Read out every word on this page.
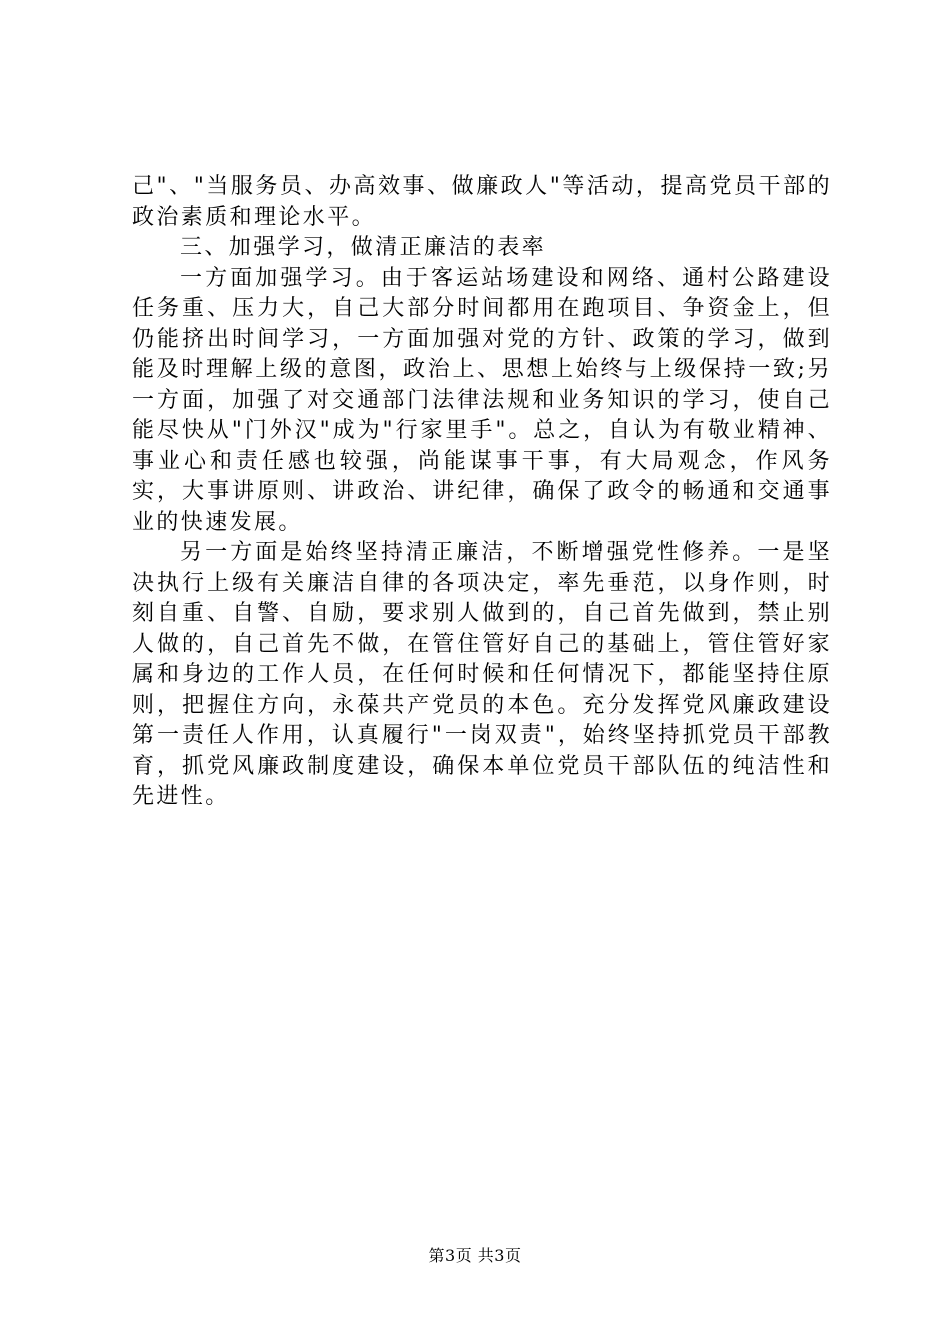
己"、"当服务员、办高效事、做廉政人"等活动，提高党员干部的政治素质和理论水平。

三、加强学习，做清正廉洁的表率

一方面加强学习。由于客运站场建设和网络、通村公路建设任务重、压力大，自己大部分时间都用在跑项目、争资金上，但仍能挤出时间学习，一方面加强对党的方针、政策的学习，做到能及时理解上级的意图，政治上、思想上始终与上级保持一致;另一方面，加强了对交通部门法律法规和业务知识的学习，使自己能尽快从"门外汉"成为"行家里手"。总之，自认为有敬业精神、事业心和责任感也较强，尚能谋事干事，有大局观念，作风务实，大事讲原则、讲政治、讲纪律，确保了政令的畅通和交通事业的快速发展。

另一方面是始终坚持清正廉洁，不断增强党性修养。一是坚决执行上级有关廉洁自律的各项决定，率先垂范，以身作则，时刻自重、自警、自励，要求别人做到的，自己首先做到，禁止别人做的，自己首先不做，在管住管好自己的基础上，管住管好家属和身边的工作人员，在任何时候和任何情况下，都能坚持住原则，把握住方向，永葆共产党员的本色。充分发挥党风廉政建设第一责任人作用，认真履行"一岗双责"，始终坚持抓党员干部教育，抓党风廉政制度建设，确保本单位党员干部队伍的纯洁性和先进性。

第3页 共3页
